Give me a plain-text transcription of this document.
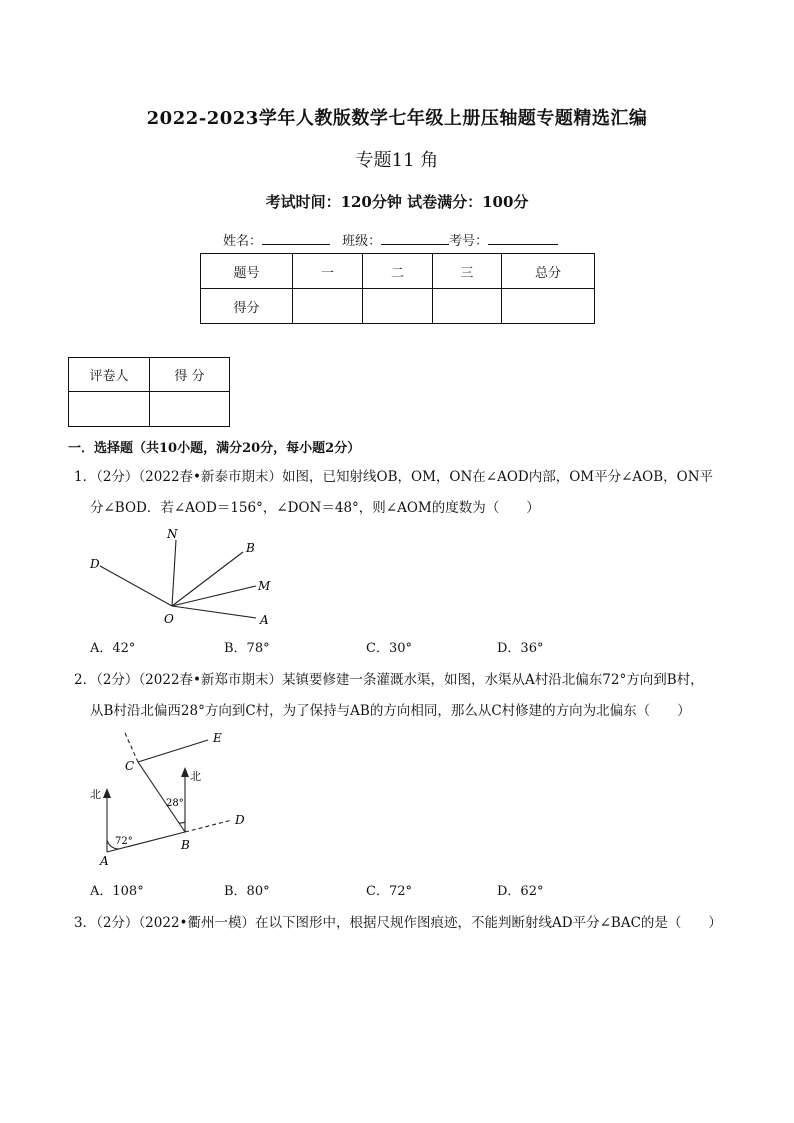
2022-2023学年人教版数学七年级上册压轴题专题精选汇编
专题11 角
考试时间：120分钟 试卷满分：100分
姓名：	班级：	考号：
题号	一	二	三	总分
得分				
评卷人	得 分

一．选择题（共10小题，满分20分，每小题2分）
1．（2分）（2022春•新泰市期末）如图，已知射线OB，OM，ON在∠AOD内部，OM平分∠AOB，ON平
分∠BOD．若∠AOD＝156°，∠DON＝48°，则∠AOM的度数为（　　）
N
B
M
D
O	A
A．42°	B．78°	C．30°	D．36°
2．（2分）（2022春•新郑市期末）某镇要修建一条灌溉水渠，如图，水渠从A村沿北偏东72°方向到B村，
从B村沿北偏西28°方向到C村，为了保持与AB的方向相同，那么从C村修建的方向为北偏东（　　）
E
C
北
北
28°
72°
D
A
B
A．108°	B．80°	C．72°	D．62°
3．（2分）（2022•衢州一模）在以下图形中，根据尺规作图痕迹，不能判断射线AD平分∠BAC的是（　　）
